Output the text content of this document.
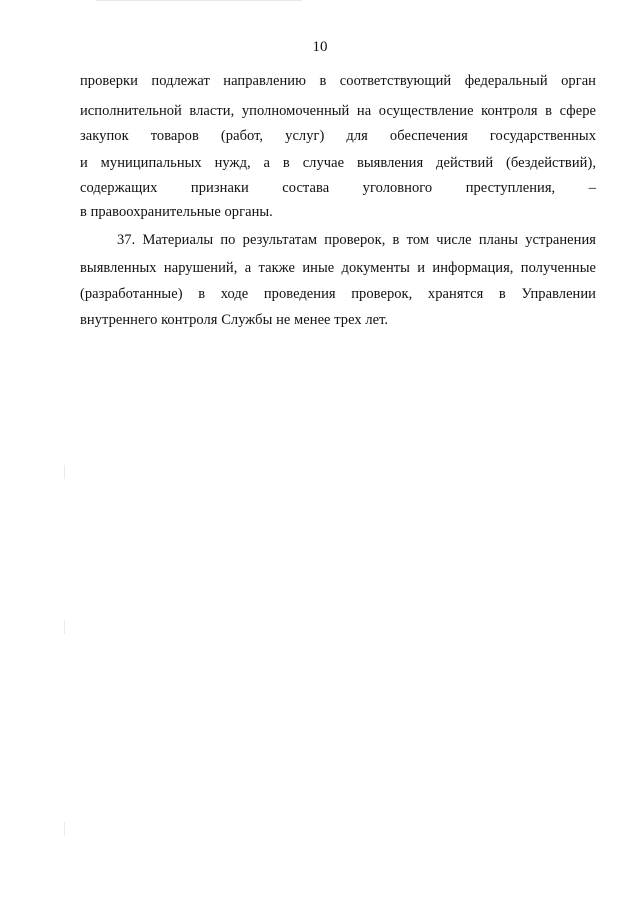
10
проверки подлежат направлению в соответствующий федеральный орган
исполнительной власти, уполномоченный на осуществление контроля в сфере
закупок товаров (работ, услуг) для обеспечения государственных
и муниципальных нужд, а в случае выявления действий (бездействий),
содержащих признаки состава уголовного преступления, –
в правоохранительные органы.
37. Материалы по результатам проверок, в том числе планы устранения
выявленных нарушений, а также иные документы и информация, полученные
(разработанные) в ходе проведения проверок, хранятся в Управлении
внутреннего контроля Службы не менее трех лет.
